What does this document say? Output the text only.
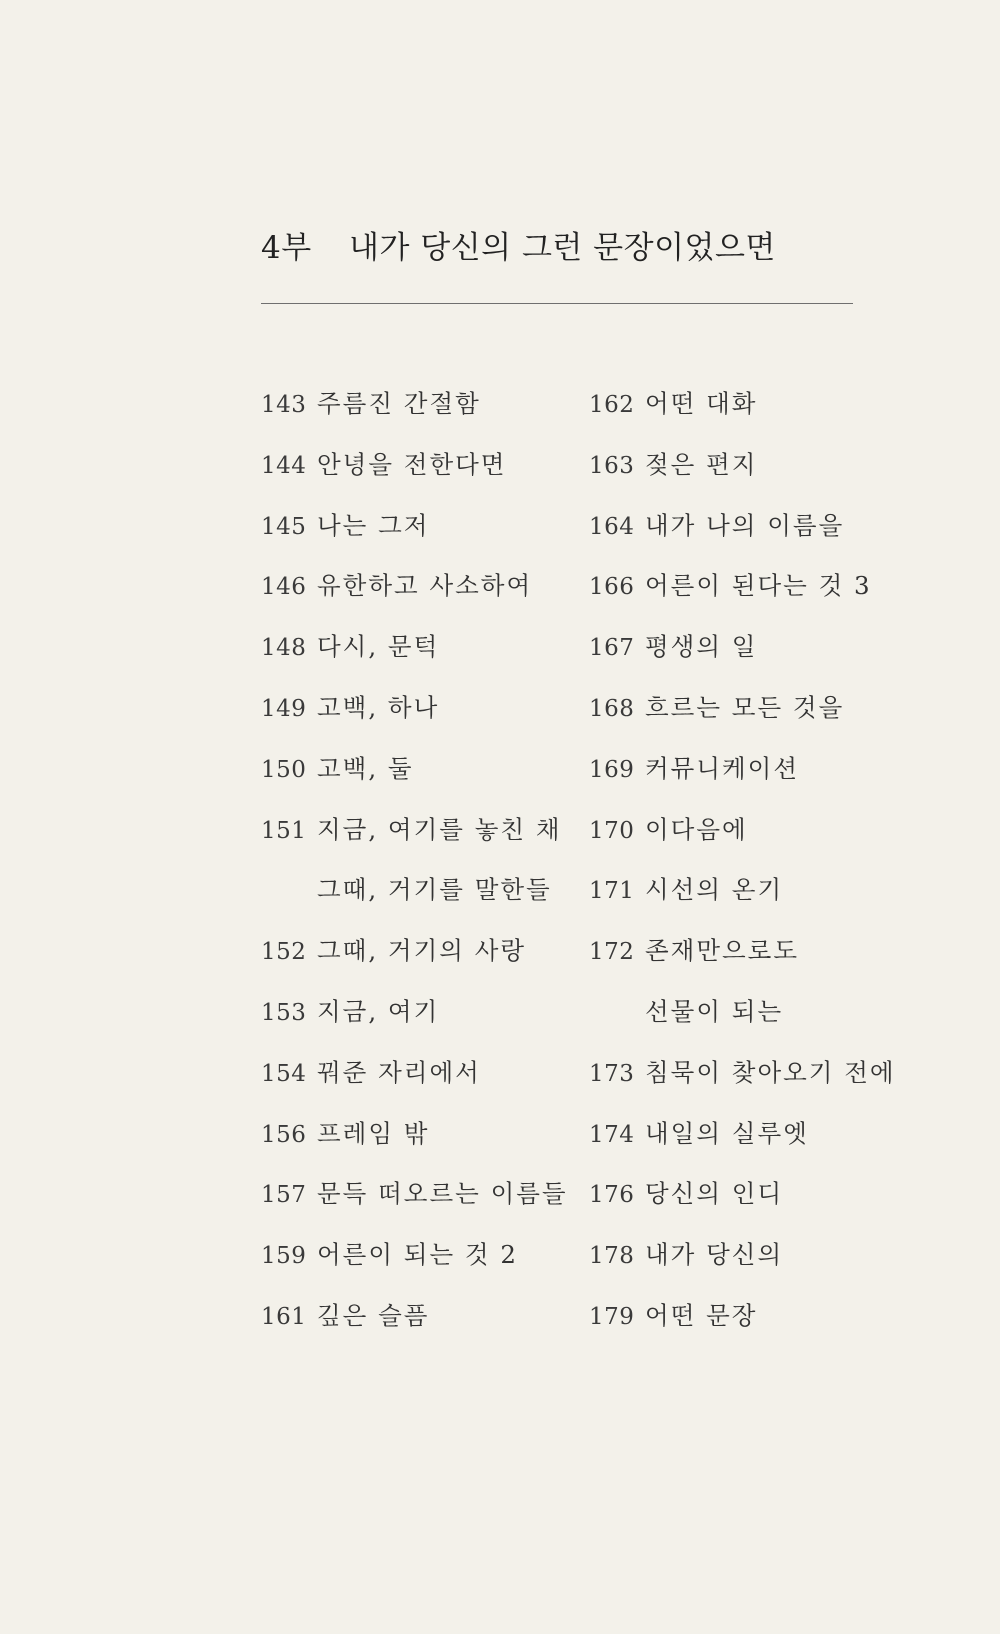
4부 내가 당신의 그런 문장이었으면
143 주름진 간절함
144 안녕을 전한다면
145 나는 그저
146 유한하고 사소하여
148 다시, 문턱
149 고백, 하나
150 고백, 둘
151 지금, 여기를 놓친 채
그때, 거기를 말한들
152 그때, 거기의 사랑
153 지금, 여기
154 꿔준 자리에서
156 프레임 밖
157 문득 떠오르는 이름들
159 어른이 되는 것 2
161 깊은 슬픔
162 어떤 대화
163 젖은 편지
164 내가 나의 이름을
166 어른이 된다는 것 3
167 평생의 일
168 흐르는 모든 것을
169 커뮤니케이션
170 이다음에
171 시선의 온기
172 존재만으로도
선물이 되는
173 침묵이 찾아오기 전에
174 내일의 실루엣
176 당신의 인디
178 내가 당신의
179 어떤 문장
